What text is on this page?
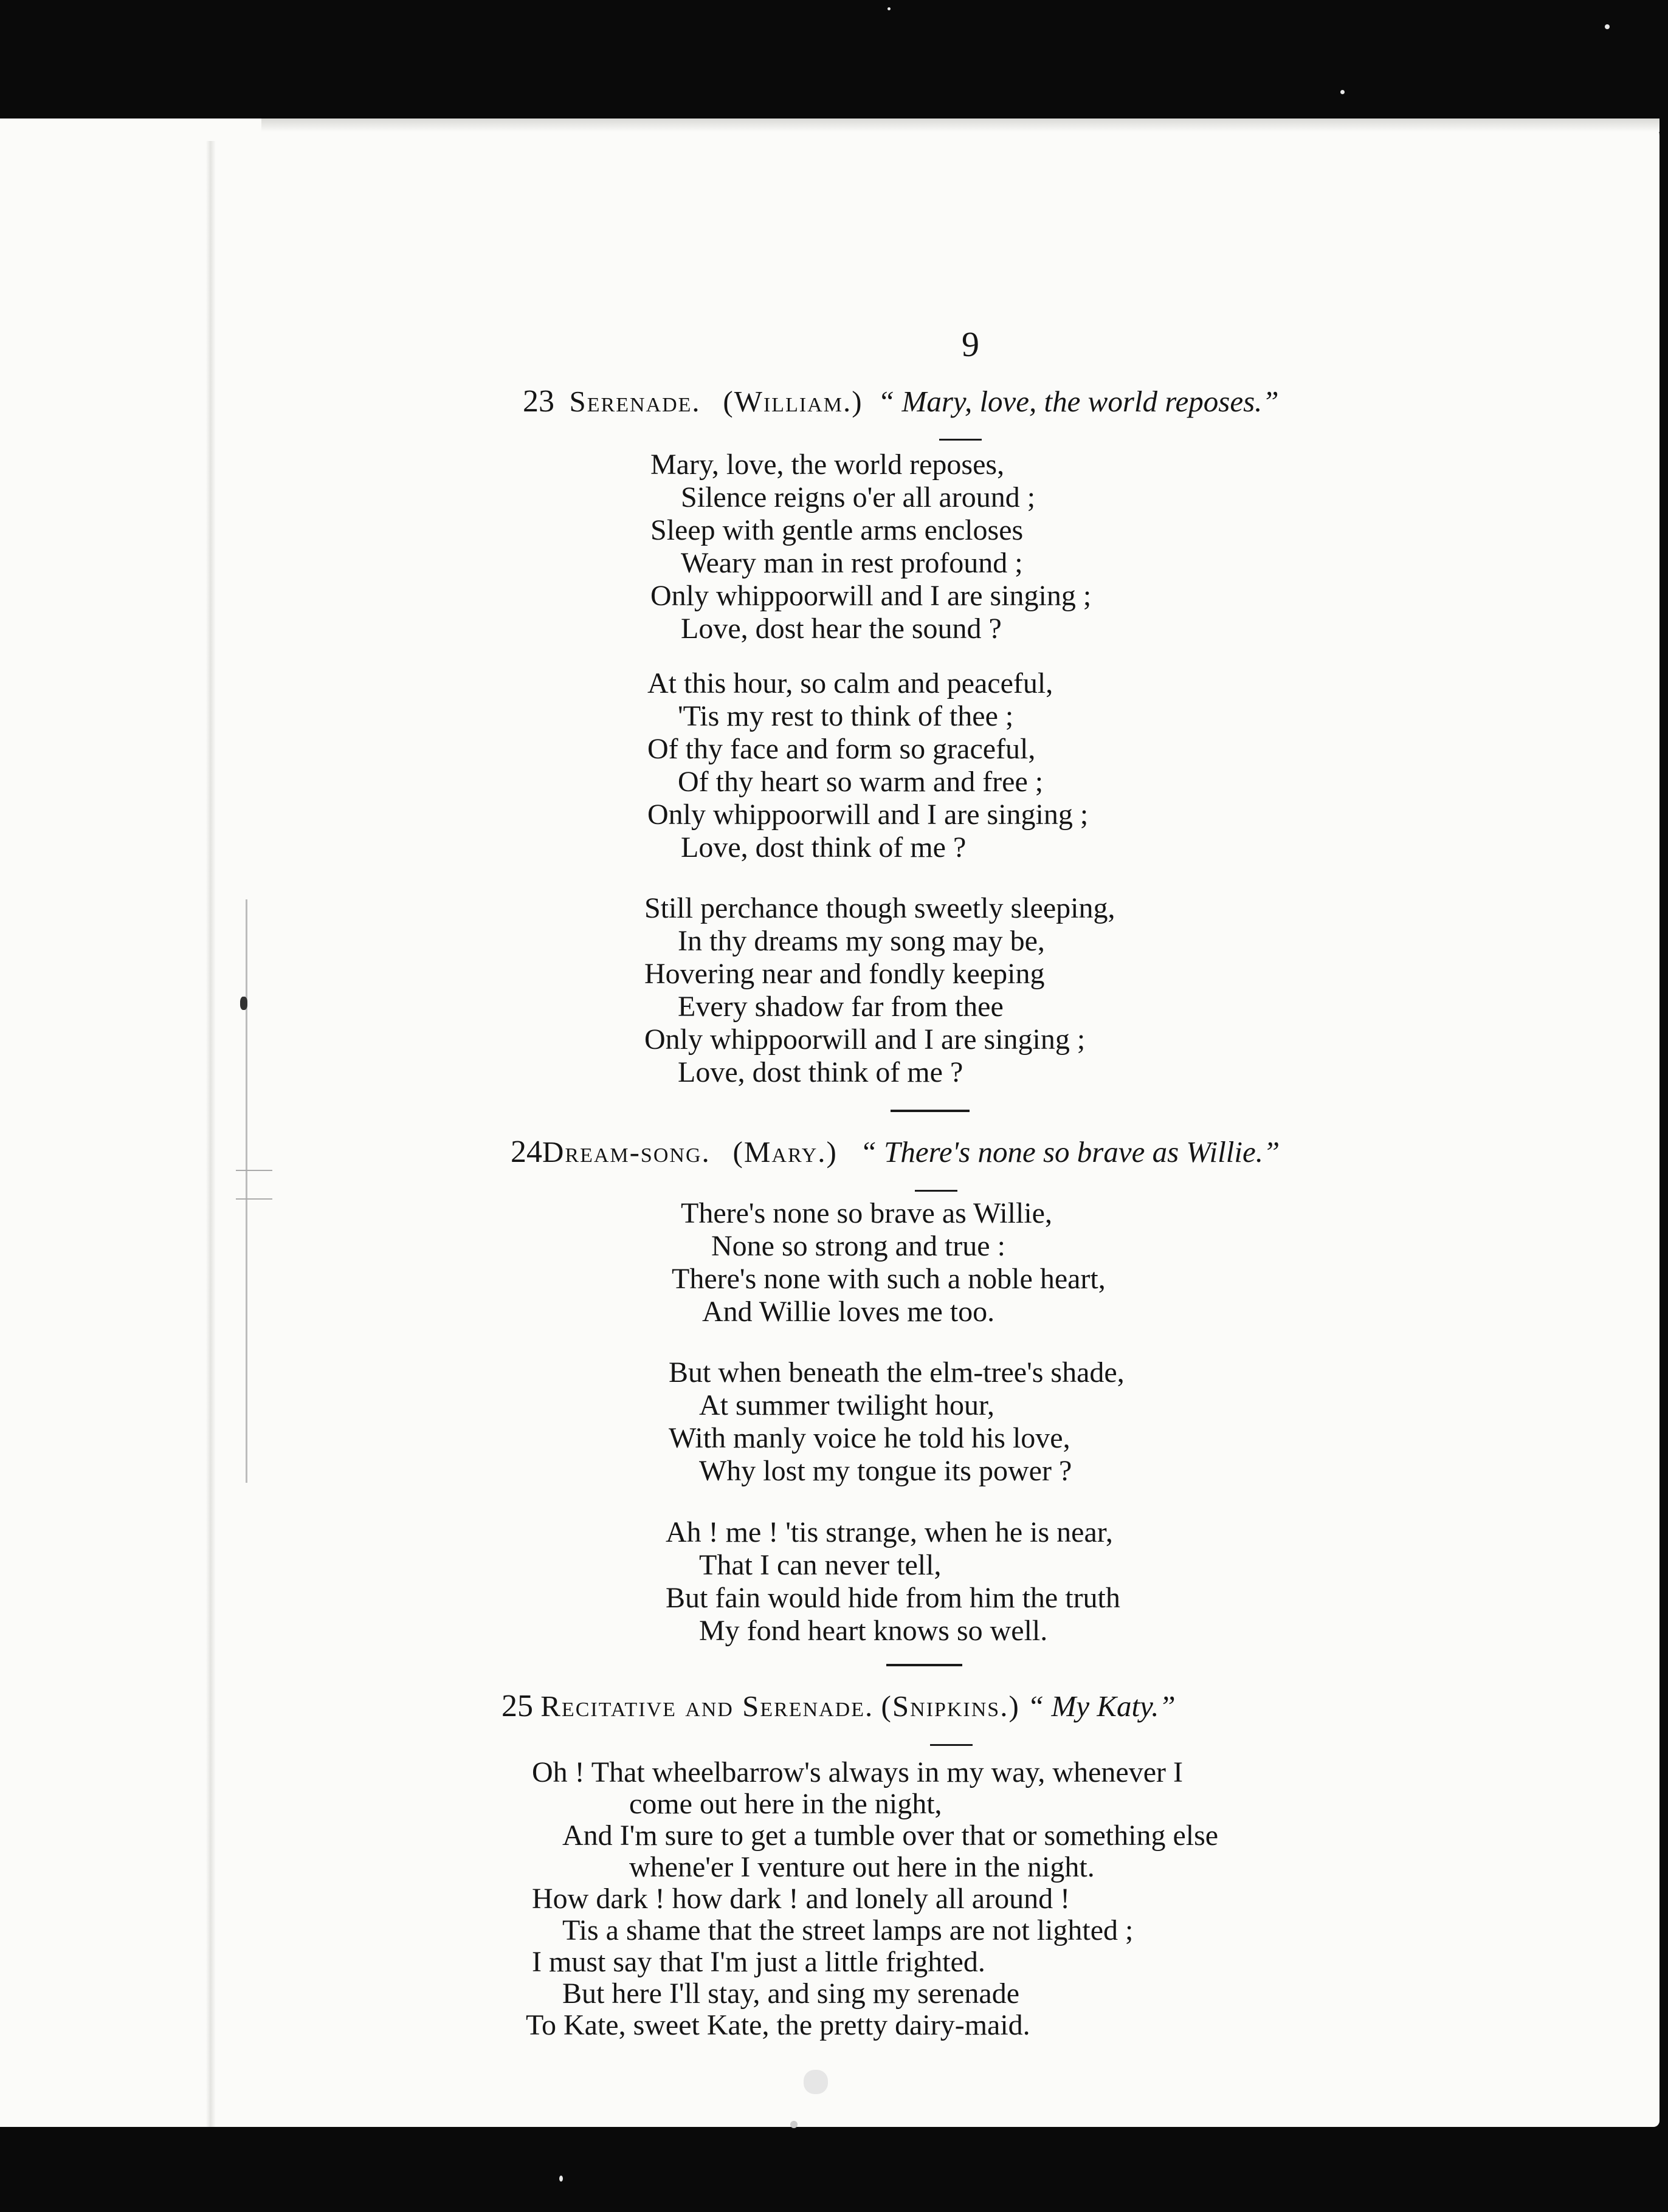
9
23 Serenade. (William.) “ Mary, love, the world reposes.”
Mary, love, the world reposes,
Silence reigns o'er all around ;
Sleep with gentle arms encloses
Weary man in rest profound ;
Only whippoorwill and I are singing ;
Love, dost hear the sound ?
At this hour, so calm and peaceful,
'Tis my rest to think of thee ;
Of thy face and form so graceful,
Of thy heart so warm and free ;
Only whippoorwill and I are singing ;
Love, dost think of me ?
Still perchance though sweetly sleeping,
In thy dreams my song may be,
Hovering near and fondly keeping
Every shadow far from thee
Only whippoorwill and I are singing ;
Love, dost think of me ?
24Dream-song. (Mary.) “ There's none so brave as Willie.”
There's none so brave as Willie,
None so strong and true :
There's none with such a noble heart,
And Willie loves me too.
But when beneath the elm-tree's shade,
At summer twilight hour,
With manly voice he told his love,
Why lost my tongue its power ?
Ah ! me ! 'tis strange, when he is near,
That I can never tell,
But fain would hide from him the truth
My fond heart knows so well.
25 Recitative and Serenade. (Snipkins.) “ My Katy.”
Oh ! That wheelbarrow's always in my way, whenever I
come out here in the night,
And I'm sure to get a tumble over that or something else
whene'er I venture out here in the night.
How dark ! how dark ! and lonely all around !
Tis a shame that the street lamps are not lighted ;
I must say that I'm just a little frighted.
But here I'll stay, and sing my serenade
To Kate, sweet Kate, the pretty dairy-maid.
